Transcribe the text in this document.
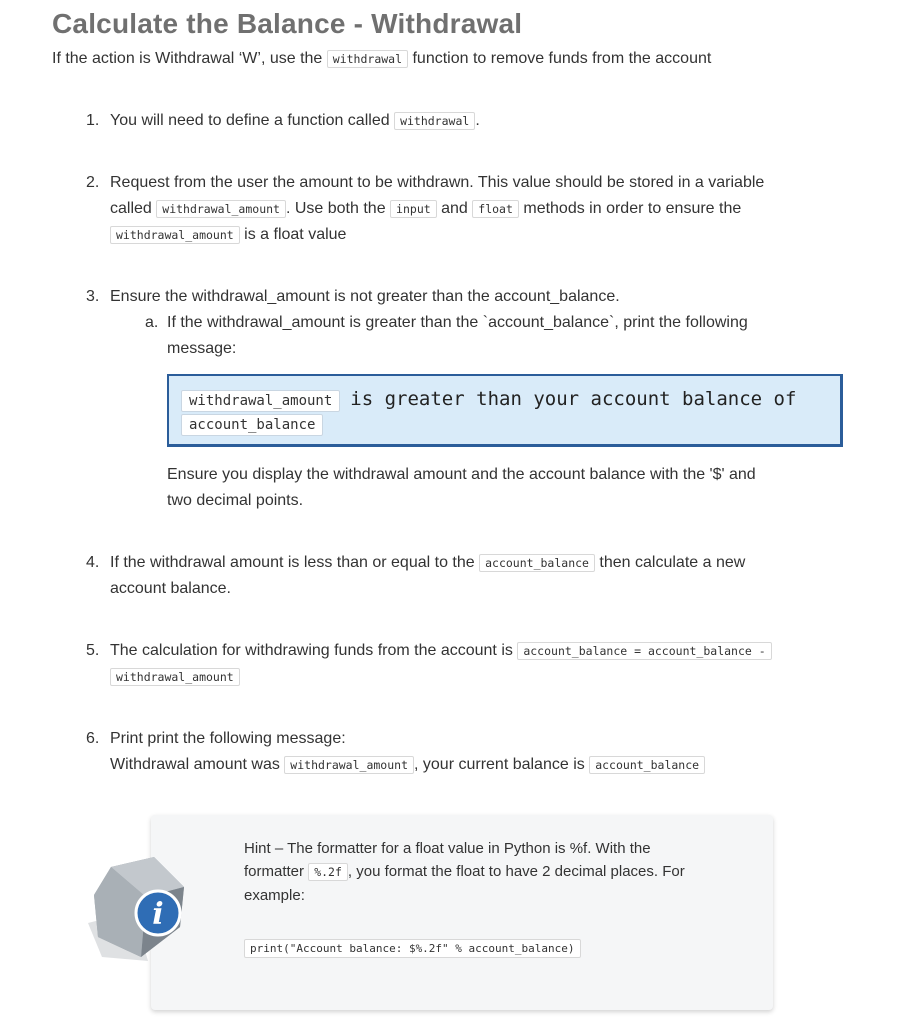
Calculate the Balance - Withdrawal
If the action is Withdrawal ‘W’, use the withdrawal function to remove funds from the account
1. You will need to define a function called withdrawal .
2. Request from the user the amount to be withdrawn. This value should be stored in a variable
called withdrawal_amount . Use both the input and float methods in order to ensure the
withdrawal_amount is a float value
3. Ensure the withdrawal_amount is not greater than the account_balance.
a. If the withdrawal_amount is greater than the `account_balance`, print the following
message:
withdrawal_amount is greater than your account balance of
account_balance
Ensure you display the withdrawal amount and the account balance with the '$' and
two decimal points.
4. If the withdrawal amount is less than or equal to the account_balance then calculate a new
account balance.
5. The calculation for withdrawing funds from the account is account_balance = account_balance -
withdrawal_amount
6. Print print the following message:
Withdrawal amount was withdrawal_amount , your current balance is account_balance
Hint – The formatter for a float value in Python is %f. With the
formatter %.2f , you format the float to have 2 decimal places. For
example:
print("Account balance: $%.2f" % account_balance)
i
